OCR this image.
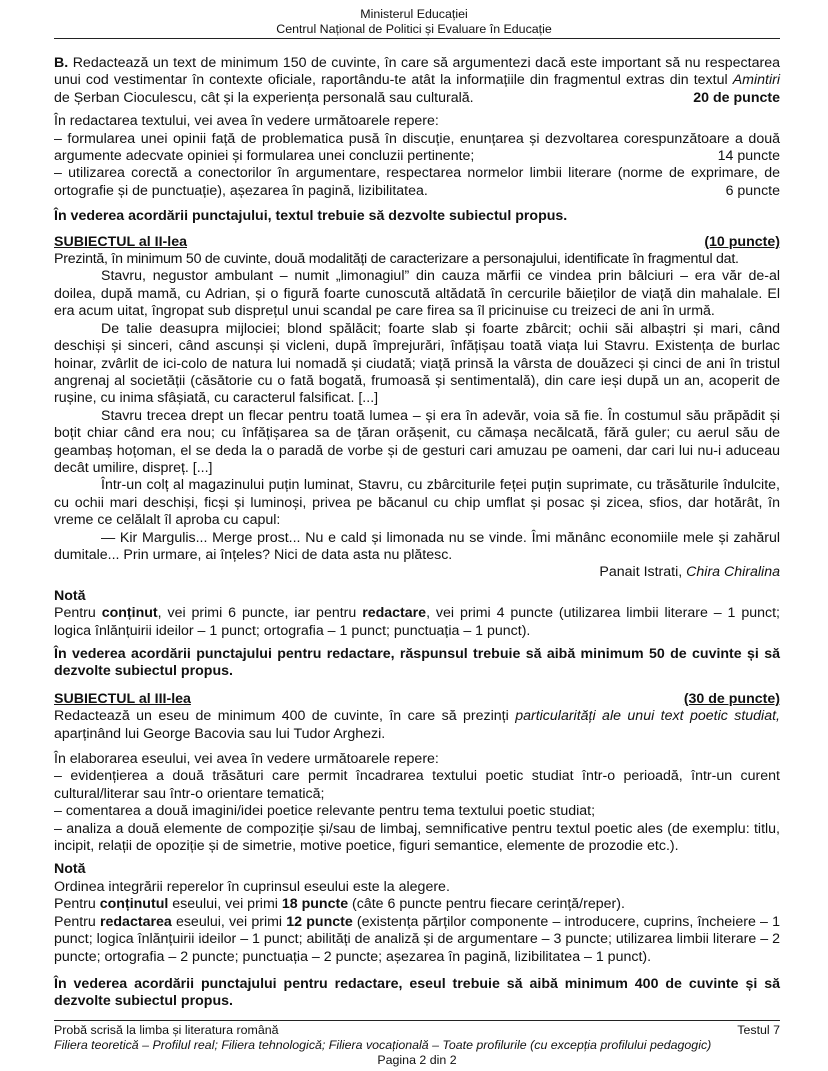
Ministerul Educației
Centrul Național de Politici și Evaluare în Educație

B. Redactează un text de minimum 150 de cuvinte, în care să argumentezi dacă este important să nu respectarea unui cod vestimentar în contexte oficiale, raportându-te atât la informațiile din fragmentul extras din textul Amintiri de Șerban Cioculescu, cât și la experiența personală sau culturală.	20 de puncte

În redactarea textului, vei avea în vedere următoarele repere:

– formularea unei opinii față de problematica pusă în discuție, enunțarea și dezvoltarea corespunzătoare a două argumente adecvate opiniei și formularea unei concluzii pertinente;	14 puncte

– utilizarea corectă a conectorilor în argumentare, respectarea normelor limbii literare (norme de exprimare, de ortografie și de punctuație), așezarea în pagină, lizibilitatea.	6 puncte

În vederea acordării punctajului, textul trebuie să dezvolte subiectul propus.

SUBIECTUL al II-lea	(10 puncte)

Prezintă, în minimum 50 de cuvinte, două modalități de caracterizare a personajului, identificate în fragmentul dat.

Stavru, negustor ambulant – numit „limonagiul” din cauza mărfii ce vindea prin bâlciuri – era văr de-al doilea, după mamă, cu Adrian, și o figură foarte cunoscută altădată în cercurile băieților de viață din mahalale. El era acum uitat, îngropat sub disprețul unui scandal pe care firea sa îl pricinuise cu treizeci de ani în urmă.

De talie deasupra mijlociei; blond spălăcit; foarte slab și foarte zbârcit; ochii săi albaștri și mari, când deschiși și sinceri, când ascunși și vicleni, după împrejurări, înfățișau toată viața lui Stavru. Existența de burlac hoinar, zvârlit de ici-colo de natura lui nomadă și ciudată; viață prinsă la vârsta de douăzeci și cinci de ani în tristul angrenaj al societății (căsătorie cu o fată bogată, frumoasă și sentimentală), din care ieși după un an, acoperit de rușine, cu inima sfâșiată, cu caracterul falsificat. [...]

Stavru trecea drept un flecar pentru toată lumea – și era în adevăr, voia să fie. În costumul său prăpădit și boțit chiar când era nou; cu înfățișarea sa de țăran orășenit, cu cămașa necălcată, fără guler; cu aerul său de geambaș hoțoman, el se deda la o paradă de vorbe și de gesturi cari amuzau pe oameni, dar cari lui nu-i aduceau decât umilire, dispreț. [...]

Într-un colț al magazinului puțin luminat, Stavru, cu zbârciturile feței puțin suprimate, cu trăsăturile îndulcite, cu ochii mari deschiși, ficși și luminoși, privea pe băcanul cu chip umflat și posac și zicea, sfios, dar hotărât, în vreme ce celălalt îl aproba cu capul:

— Kir Margulis... Merge prost... Nu e cald și limonada nu se vinde. Îmi mănânc economiile mele și zahărul dumitale... Prin urmare, ai înțeles? Nici de data asta nu plătesc.

Panait Istrati, Chira Chiralina

Notă

Pentru conținut, vei primi 6 puncte, iar pentru redactare, vei primi 4 puncte (utilizarea limbii literare – 1 punct; logica înlănțuirii ideilor – 1 punct; ortografia – 1 punct; punctuația – 1 punct).

În vederea acordării punctajului pentru redactare, răspunsul trebuie să aibă minimum 50 de cuvinte și să dezvolte subiectul propus.

SUBIECTUL al III-lea	(30 de puncte)

Redactează un eseu de minimum 400 de cuvinte, în care să prezinți particularități ale unui text poetic studiat, aparținând lui George Bacovia sau lui Tudor Arghezi.

În elaborarea eseului, vei avea în vedere următoarele repere:

– evidențierea a două trăsături care permit încadrarea textului poetic studiat într-o perioadă, într-un curent cultural/literar sau într-o orientare tematică;

– comentarea a două imagini/idei poetice relevante pentru tema textului poetic studiat;

– analiza a două elemente de compoziție și/sau de limbaj, semnificative pentru textul poetic ales (de exemplu: titlu, incipit, relații de opoziție și de simetrie, motive poetice, figuri semantice, elemente de prozodie etc.).

Notă

Ordinea integrării reperelor în cuprinsul eseului este la alegere.

Pentru conținutul eseului, vei primi 18 puncte (câte 6 puncte pentru fiecare cerință/reper).

Pentru redactarea eseului, vei primi 12 puncte (existența părților componente – introducere, cuprins, încheiere – 1 punct; logica înlănțuirii ideilor – 1 punct; abilități de analiză și de argumentare – 3 puncte; utilizarea limbii literare – 2 puncte; ortografia – 2 puncte; punctuația – 2 puncte; așezarea în pagină, lizibilitatea – 1 punct).

În vederea acordării punctajului pentru redactare, eseul trebuie să aibă minimum 400 de cuvinte și să dezvolte subiectul propus.

Probă scrisă la limba și literatura română	Testul 7
Filiera teoretică – Profilul real; Filiera tehnologică; Filiera vocațională – Toate profilurile (cu excepția profilului pedagogic)
Pagina 2 din 2
